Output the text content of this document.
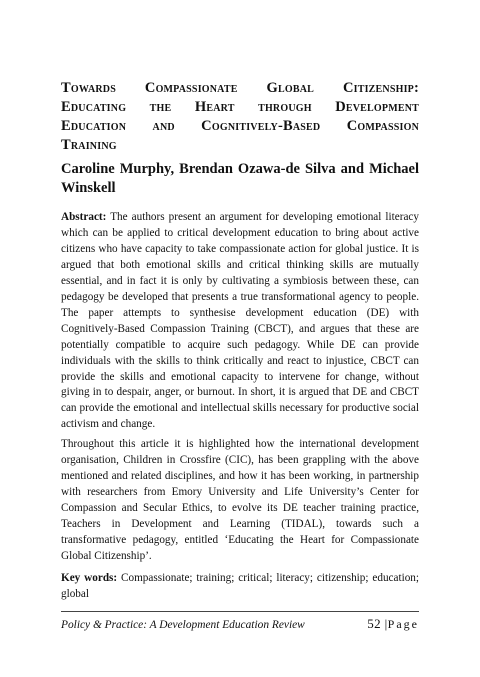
Towards Compassionate Global Citizenship:
Educating the Heart through Development
Education and Cognitively-Based Compassion
Training
Caroline Murphy, Brendan Ozawa-de Silva and Michael Winskell

Abstract: The authors present an argument for developing emotional literacy which can be applied to critical development education to bring about active citizens who have capacity to take compassionate action for global justice. It is argued that both emotional skills and critical thinking skills are mutually essential, and in fact it is only by cultivating a symbiosis between these, can pedagogy be developed that presents a true transformational agency to people. The paper attempts to synthesise development education (DE) with Cognitively-Based Compassion Training (CBCT), and argues that these are potentially compatible to acquire such pedagogy. While DE can provide individuals with the skills to think critically and react to injustice, CBCT can provide the skills and emotional capacity to intervene for change, without giving in to despair, anger, or burnout. In short, it is argued that DE and CBCT can provide the emotional and intellectual skills necessary for productive social activism and change.

Throughout this article it is highlighted how the international development organisation, Children in Crossfire (CIC), has been grappling with the above mentioned and related disciplines, and how it has been working, in partnership with researchers from Emory University and Life University’s Center for Compassion and Secular Ethics, to evolve its DE teacher training practice, Teachers in Development and Learning (TIDAL), towards such a transformative pedagogy, entitled ‘Educating the Heart for Compassionate Global Citizenship’.

Key words: Compassionate; training; critical; literacy; citizenship; education; global

Policy & Practice: A Development Education Review	52 |Page
